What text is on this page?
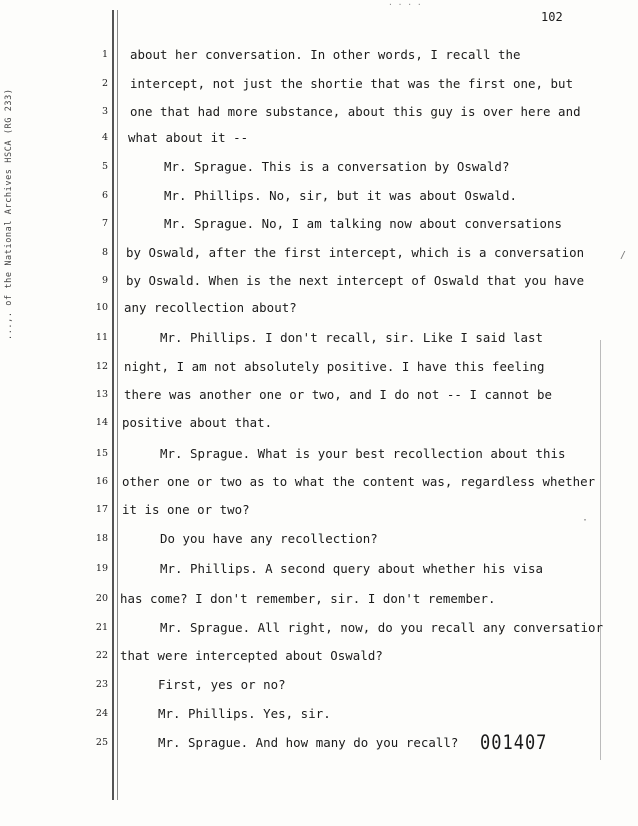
· · · ·
102
...,. of the National Archives HSCA (RG 233)
1 about her conversation. In other words, I recall the
2 intercept, not just the shortie that was the first one, but
3 one that had more substance, about this guy is over here and
4 what about it --
5	Mr. Sprague. This is a conversation by Oswald?
6	Mr. Phillips. No, sir, but it was about Oswald.
7	Mr. Sprague. No, I am talking now about conversations
8 by Oswald, after the first intercept, which is a conversation
9 by Oswald. When is the next intercept of Oswald that you have
10 any recollection about?
11	Mr. Phillips. I don't recall, sir. Like I said last
12 night, I am not absolutely positive. I have this feeling
13 there was another one or two, and I do not -- I cannot be
14 positive about that.
15	Mr. Sprague. What is your best recollection about this
16 other one or two as to what the content was, regardless whether
17 it is one or two?
18	Do you have any recollection?
19	Mr. Phillips. A second query about whether his visa
20 has come? I don't remember, sir. I don't remember.
21	Mr. Sprague. All right, now, do you recall any conversatior
22 that were intercepted about Oswald?
23	First, yes or no?
24	Mr. Phillips. Yes, sir.
25	Mr. Sprague. And how many do you recall? 001407
/
·
